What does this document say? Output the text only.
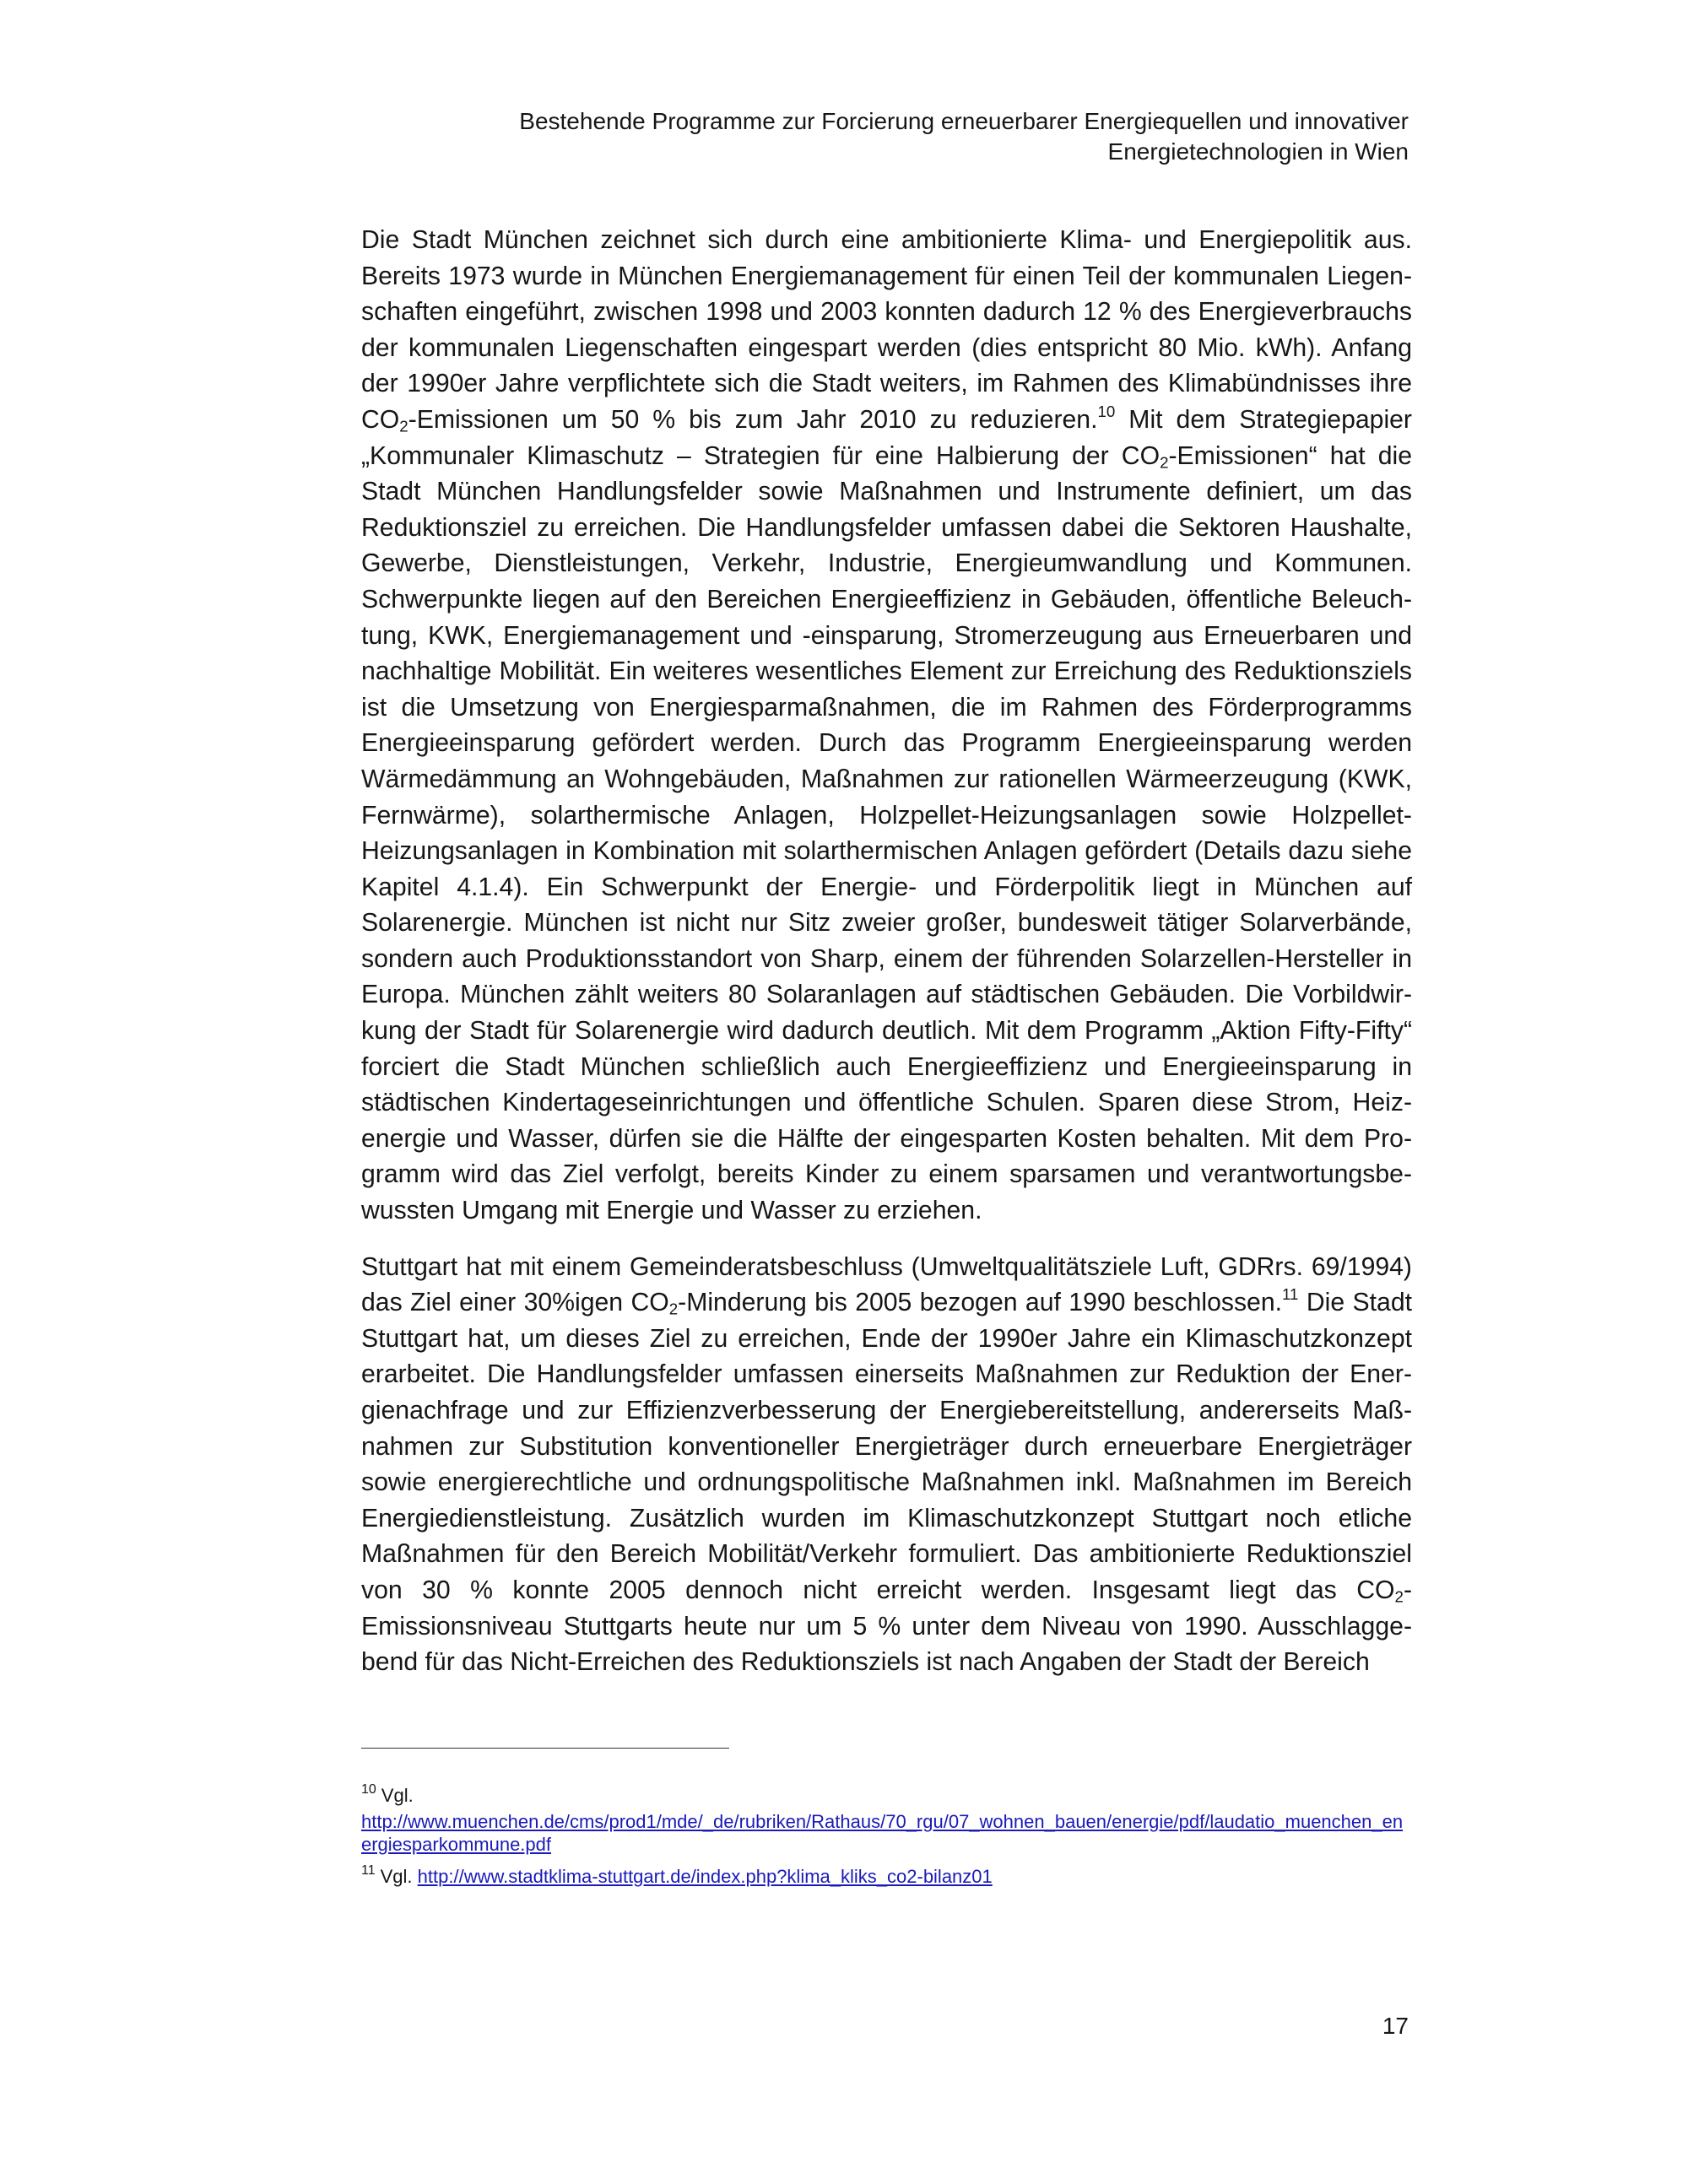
Bestehende Programme zur Forcierung erneuerbarer Energiequellen und innovativer
Energietechnologien in Wien

Die Stadt München zeichnet sich durch eine ambitionierte Klima- und Energiepolitik aus. Bereits 1973 wurde in München Energiemanagement für einen Teil der kommunalen Liegenschaften eingeführt, zwischen 1998 und 2003 konnten dadurch 12 % des Energieverbrauchs der kommunalen Liegenschaften eingespart werden (dies entspricht 80 Mio. kWh). Anfang der 1990er Jahre verpflichtete sich die Stadt weiters, im Rahmen des Klimabündnisses ihre $CO_2$-Emissionen um 50 % bis zum Jahr 2010 zu reduzieren.$^{10}$ Mit dem Strategiepapier „Kommunaler Klimaschutz – Strategien für eine Halbierung der $CO_2-Emissionen“$ hat die Stadt München Handlungsfelder sowie Maßnahmen und Instrumente definiert, um das Reduktionsziel zu erreichen. Die Handlungsfelder umfassen dabei die Sektoren Haushalte, Gewerbe, Dienstleistungen, Verkehr, Industrie, Energieumwandlung und Kommunen. Schwerpunkte liegen auf den Bereichen Energieeffizienz in Gebäuden, öffentliche Beleuchtung, KWK, Energiemanagement und -einsparung, Stromerzeugung aus Erneuerbaren und nachhaltige Mobilität. Ein weiteres wesentliches Element zur Erreichung des Reduktionsziels ist die Umsetzung von Energiesparmaßnahmen, die im Rahmen des Förderprogramms Energieeinsparung gefördert werden. Durch das Programm Energieeinsparung werden Wärmedämmung an Wohngebäuden, Maßnahmen zur rationellen Wärmeerzeugung (KWK, Fernwärme), solarthermische Anlagen, Holzpellet-Heizungsanlagen sowie Holzpellet-Heizungsanlagen in Kombination mit solarthermischen Anlagen gefördert (Details dazu siehe Kapitel 4.1.4). Ein Schwerpunkt der Energie- und Förderpolitik liegt in München auf Solarenergie. München ist nicht nur Sitz zweier großer, bundesweit tätiger Solarverbände, sondern auch Produktionsstandort von Sharp, einem der führenden Solarzellen-Hersteller in Europa. München zählt weiters 80 Solaranlagen auf städtischen Gebäuden. Die Vorbildwirkung der Stadt für Solarenergie wird dadurch deutlich. Mit dem Programm „Aktion Fifty-Fifty“ forciert die Stadt München schließlich auch Energieeffizienz und Energieeinsparung in städtischen Kindertageseinrichtungen und öffentliche Schulen. Sparen diese Strom, Heizenergie und Wasser, dürfen sie die Hälfte der eingesparten Kosten behalten. Mit dem Programm wird das Ziel verfolgt, bereits Kinder zu einem sparsamen und verantwortungsbewussten Umgang mit Energie und Wasser zu erziehen.

Stuttgart hat mit einem Gemeinderatsbeschluss (Umweltqualitätsziele Luft, GDRrs. 69/1994) das Ziel einer 30%igen $CO_2$-Minderung bis 2005 bezogen auf 1990 beschlossen.$^{11}$ Die Stadt Stuttgart hat, um dieses Ziel zu erreichen, Ende der 1990er Jahre ein Klimaschutzkonzept erarbeitet. Die Handlungsfelder umfassen einerseits Maßnahmen zur Reduktion der Energienachfrage und zur Effizienzverbesserung der Energiebereitstellung, andererseits Maßnahmen zur Substitution konventioneller Energieträger durch erneuerbare Energieträger sowie energierechtliche und ordnungspolitische Maßnahmen inkl. Maßnahmen im Bereich Energiedienstleistung. Zusätzlich wurden im Klimaschutzkonzept Stuttgart noch etliche Maßnahmen für den Bereich Mobilität/Verkehr formuliert. Das ambitionierte Reduktionsziel von 30 % konnte 2005 dennoch nicht erreicht werden. Insgesamt liegt das $CO_2$-Emissionsniveau Stuttgarts heute nur um 5 % unter dem Niveau von 1990. Ausschlaggebend für das Nicht-Erreichen des Reduktionsziels ist nach Angaben der Stadt der Bereich

$^{10}$ Vgl.
http://www.muenchen.de/cms/prod1/mde/_de/rubriken/Rathaus/70_rgu/07_wohnen_bauen/energie/pdf/laudatio_muenchen_energiesparkommune.pdf
$^{11}$ Vgl. http://www.stadtklima-stuttgart.de/index.php?klima_kliks_co2-bilanz01
17
